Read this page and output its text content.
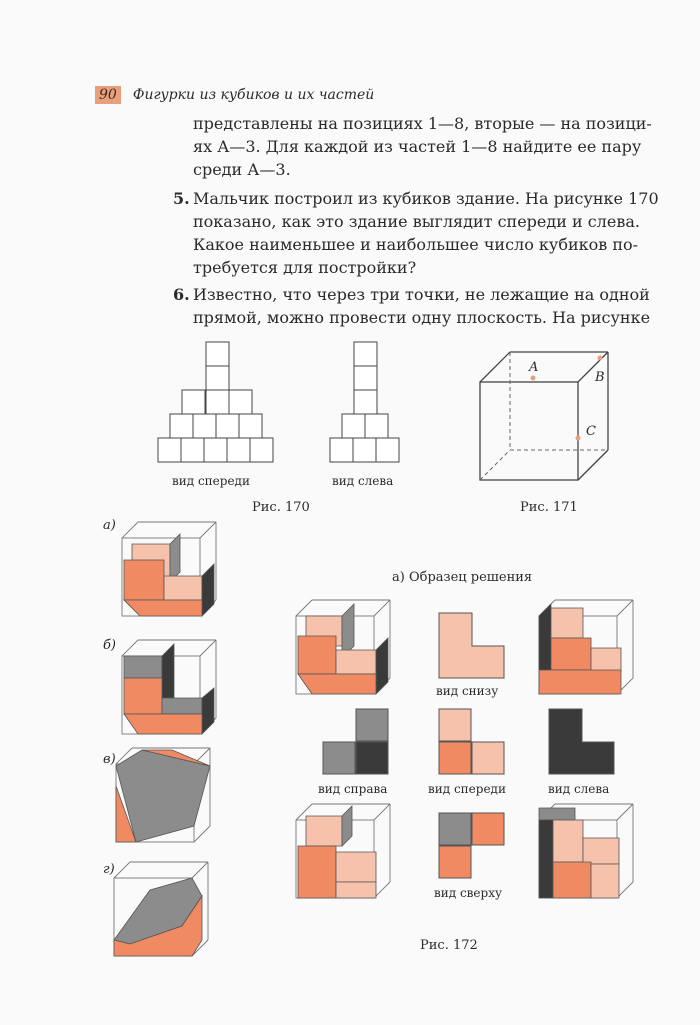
90 Фигурки из кубиков и их частей
представлены на позициях 1—8, вторые — на позици-
ях А—3. Для каждой из частей 1—8 найдите ее пару
среди А—3.
5. Мальчик построил из кубиков здание. На рисунке 170
показано, как это здание выглядит спереди и слева.
Какое наименьшее и наибольшее число кубиков по-
требуется для постройки?
6. Известно, что через три точки, не лежащие на одной
прямой, можно провести одну плоскость. На рисунке
вид спереди	вид слева
Рис. 170
A
B
C
Рис. 171
а)
б)
в)
г)
а) Образец решения
вид снизу
вид справа	вид спереди	вид слева
вид сверху
Рис. 172
